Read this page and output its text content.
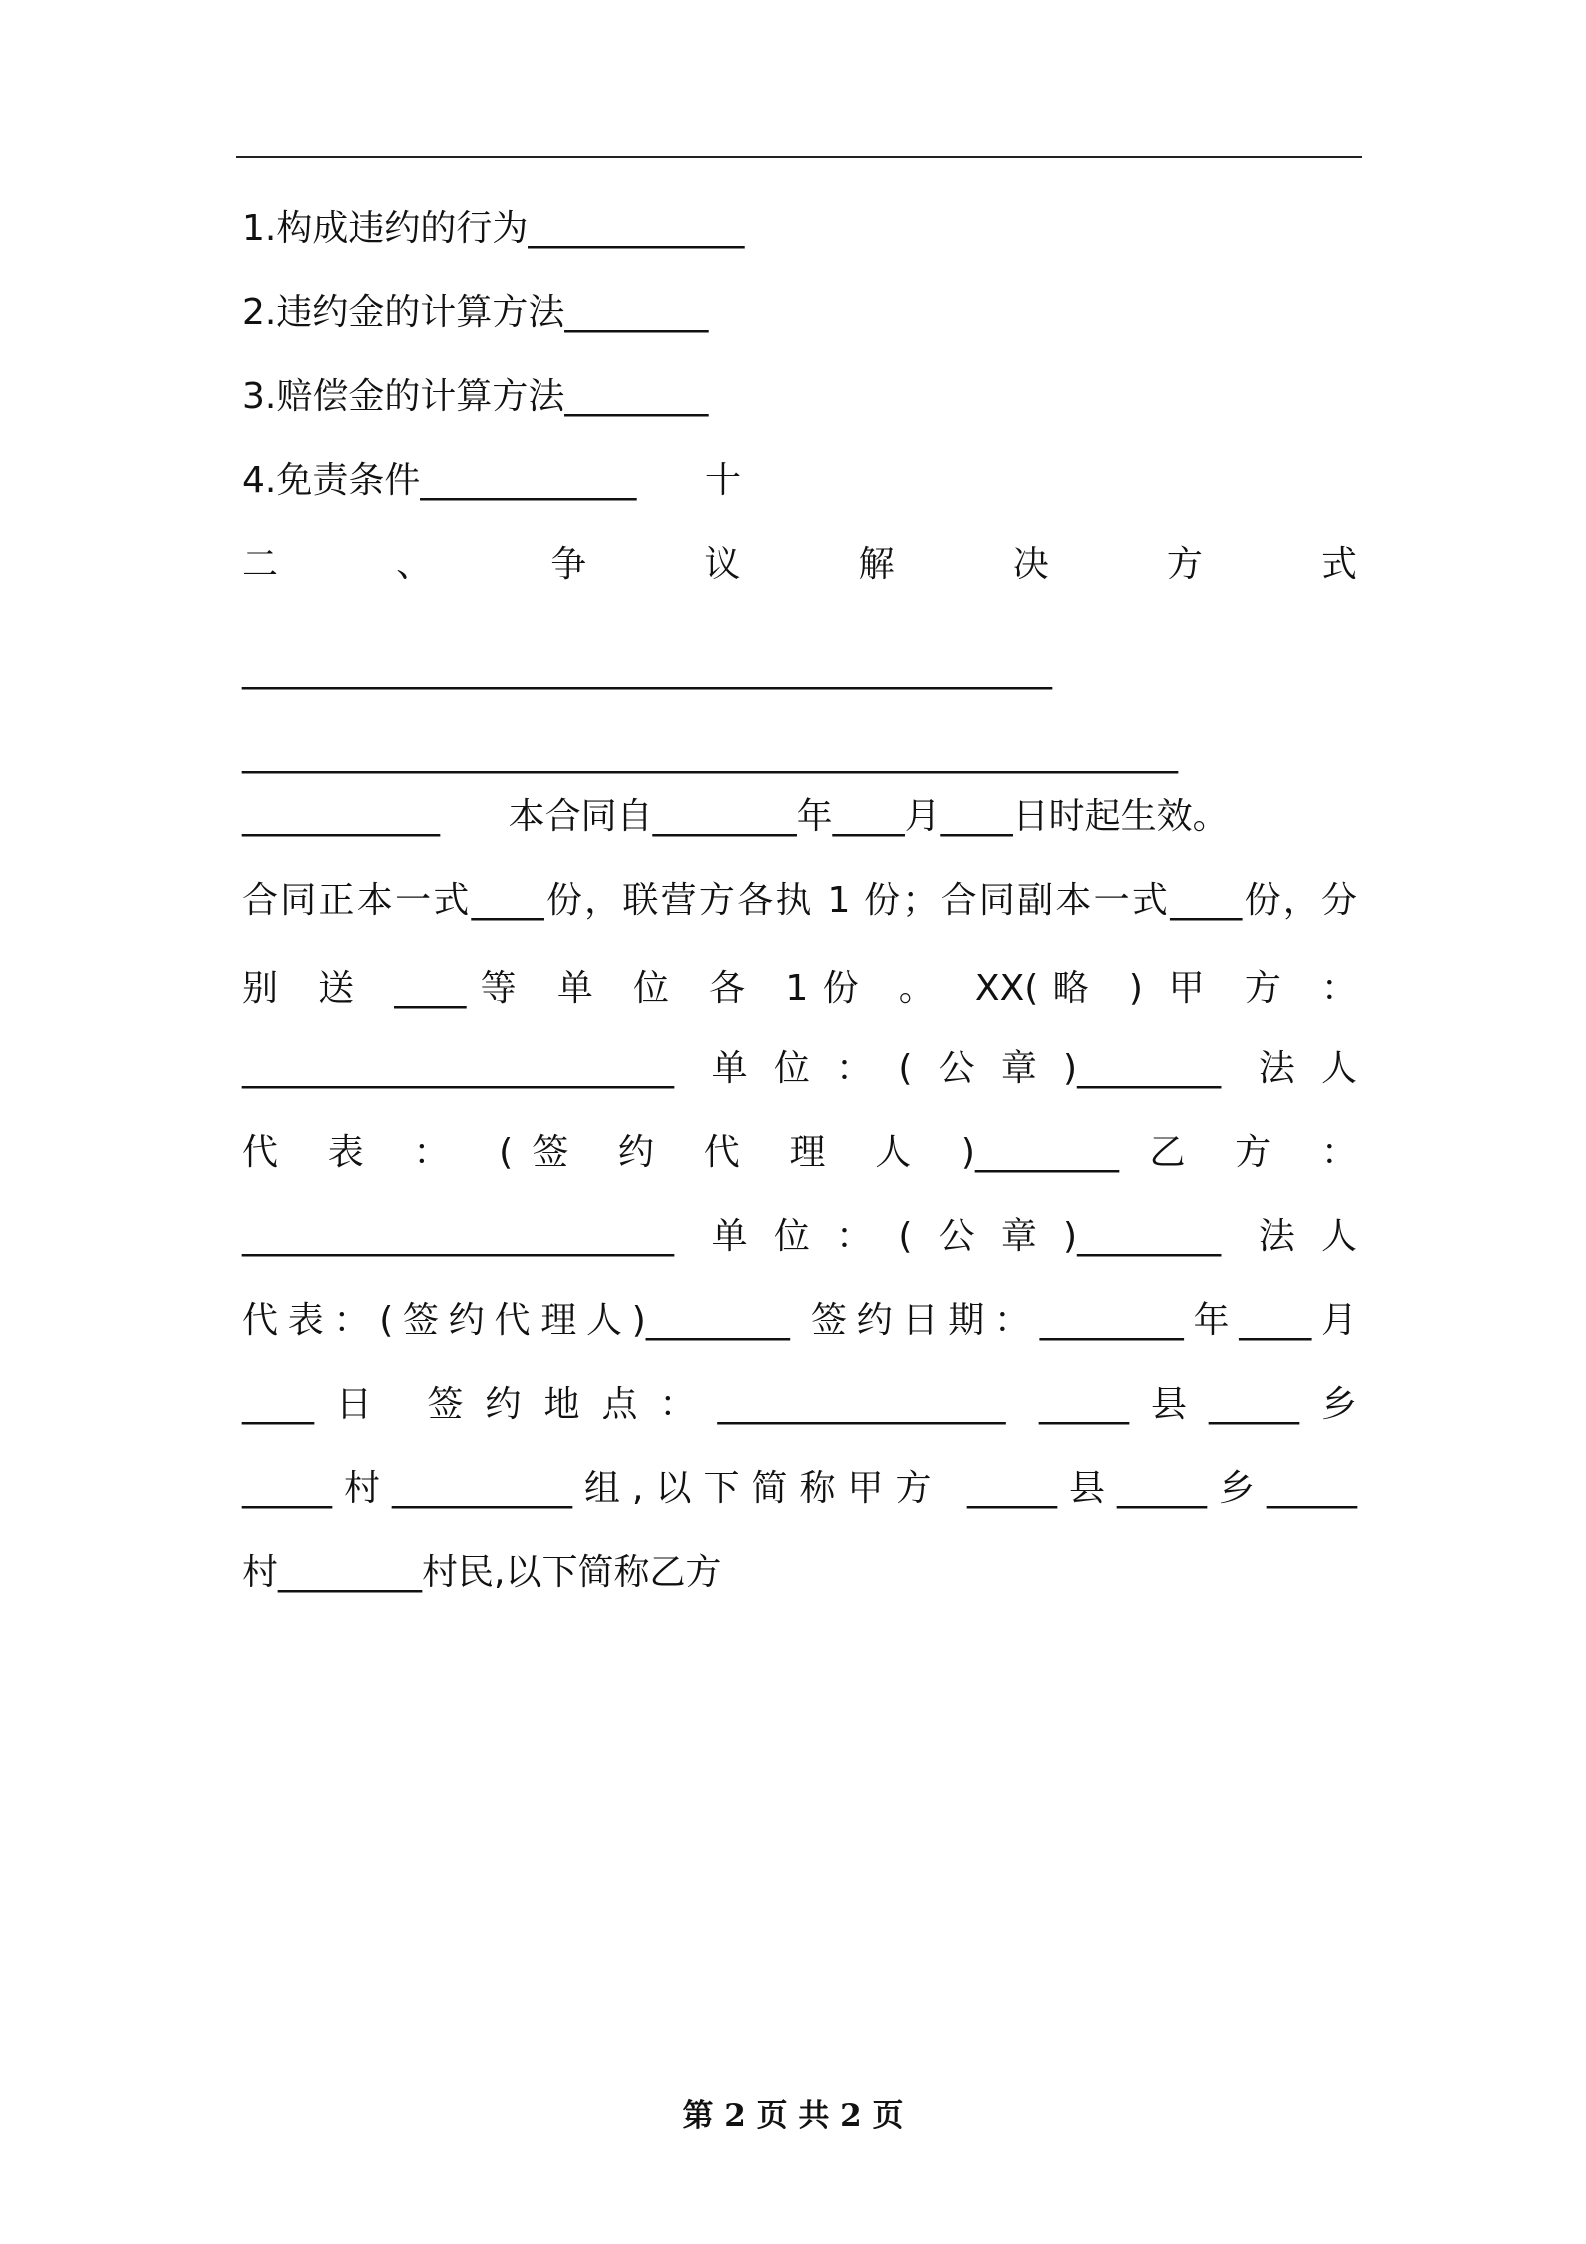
1.构成违约的行为____________
2.违约金的计算方法________
3.赔偿金的计算方法________
4.免责条件____________      十
二 、 争 议 解 决 方 式
_____________________________________________
____________________________________________________
___________      本合同自________年____月____日时起生效。
合同正本一式____份，联营方各执 1 份；合同副本一式____份，分
别 送 ____等 单 位 各 1份 。 XX(略 ) 甲 方 ：
________________________ 单位：(公章)________ 法人
代 表 ： (签 约 代 理 人 )________ 乙 方 ：
________________________ 单位：(公章)________ 法人
代表：(签约代理人)________ 签约日期：________年____月
____日 签约地点：________________ _____县_____乡
_____村__________组,以下简称甲方 _____县_____乡_____
村________村民,以下简称乙方
第 2 页 共 2 页
